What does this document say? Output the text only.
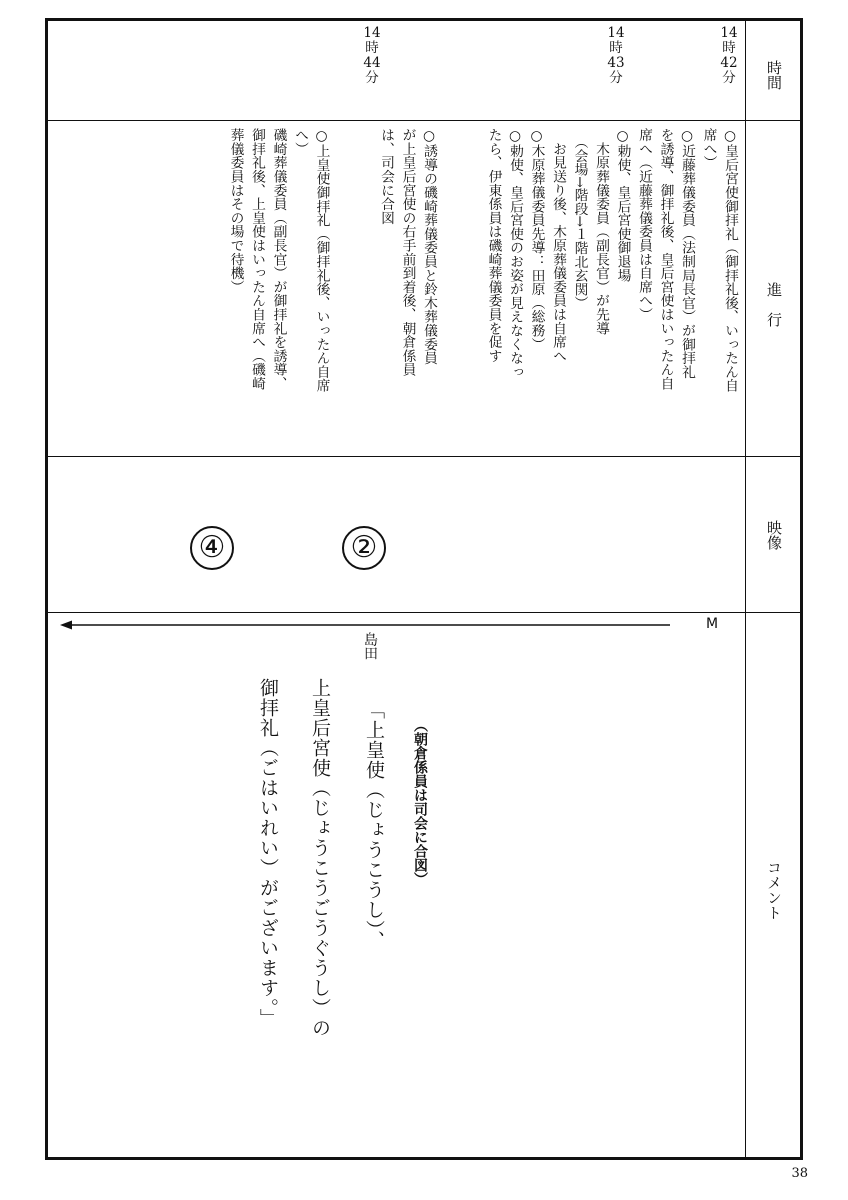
時間
進　行
映像
コメント
14
時
42
分
14
時
43
分
14
時
44
分
○皇后宮使御拝礼（御拝礼後、いったん自
席へ）
○近藤葬儀委員（法制局長官）が御拝礼
を誘導、御拝礼後、皇后宮使はいったん自
席へ（近藤葬儀委員は自席へ）
○勅使、皇后宮使御退場
　木原葬儀委員（副長官）が先導
　（会場→階段→１階北玄関）
　お見送り後、木原葬儀委員は自席へ
○木原葬儀委員先導：田原（総務）
○勅使、皇后宮使のお姿が見えなくなっ
たら、伊東係員は磯崎葬儀委員を促す
○誘導の磯崎葬儀委員と鈴木葬儀委員
が上皇后宮使の右手前到着後、朝倉係員
は、司会に合図
○上皇使御拝礼（御拝礼後、いったん自席
へ）
磯崎葬儀委員（副長官）が御拝礼を誘導、
御拝礼後、上皇使はいったん自席へ（磯崎
葬儀委員はその場で待機）
②
④
M
島田
（朝倉係員は司会に合図）
「上皇使（じょうこうし）、
上皇后宮使（じょうこうごうぐうし）の
御拝礼（ごはいれい）がございます。」
38
